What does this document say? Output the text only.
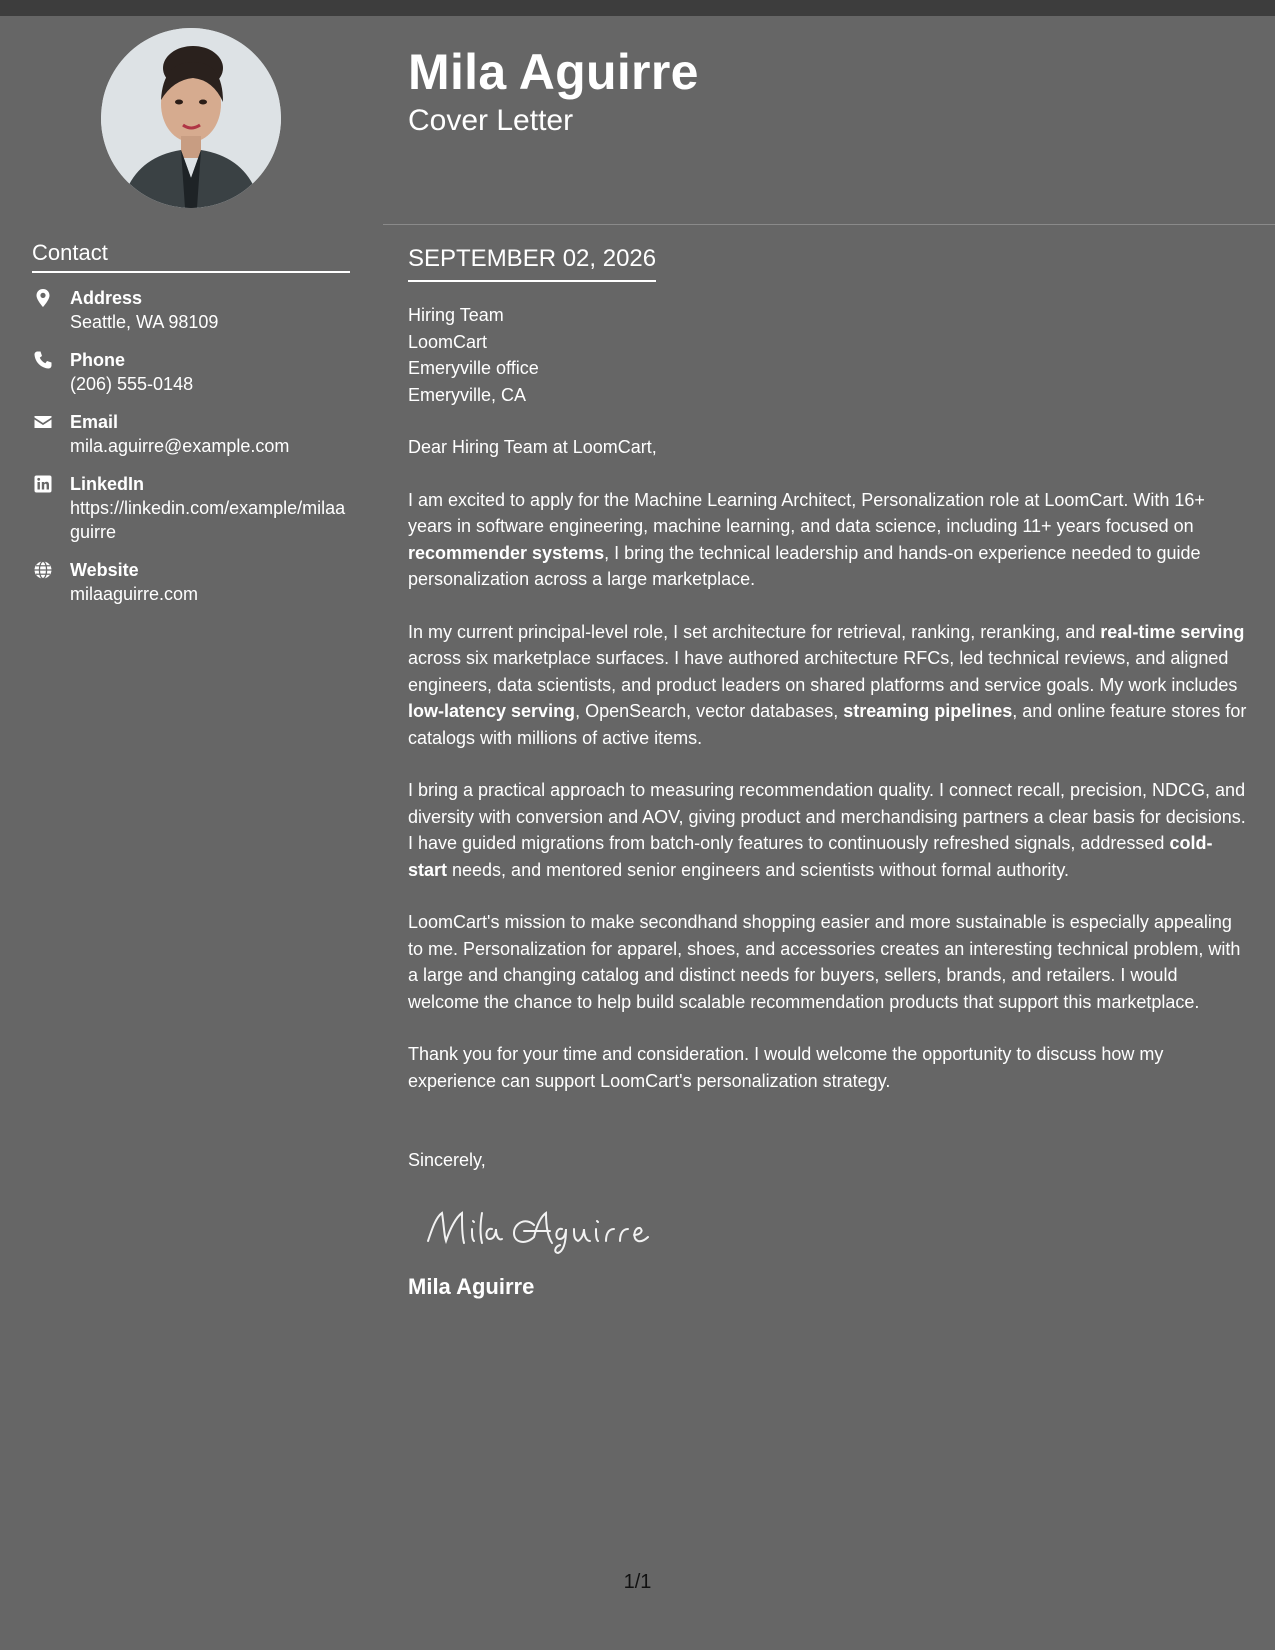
Contact
Address
Seattle, WA 98109
Phone
(206) 555-0148
Email
mila.aguirre@example.com
LinkedIn
https://linkedin.com/example/milaaguirre
Website
milaaguirre.com
Mila Aguirre
Cover Letter
SEPTEMBER 02, 2026
Hiring Team
LoomCart
Emeryville office
Emeryville, CA

Dear Hiring Team at LoomCart,

I am excited to apply for the Machine Learning Architect, Personalization role at LoomCart. With 16+ years in software engineering, machine learning, and data science, including 11+ years focused on recommender systems, I bring the technical leadership and hands-on experience needed to guide personalization across a large marketplace.

In my current principal-level role, I set architecture for retrieval, ranking, reranking, and real-time serving across six marketplace surfaces. I have authored architecture RFCs, led technical reviews, and aligned engineers, data scientists, and product leaders on shared platforms and service goals. My work includes low-latency serving, OpenSearch, vector databases, streaming pipelines, and online feature stores for catalogs with millions of active items.

I bring a practical approach to measuring recommendation quality. I connect recall, precision, NDCG, and diversity with conversion and AOV, giving product and merchandising partners a clear basis for decisions. I have guided migrations from batch-only features to continuously refreshed signals, addressed cold-start needs, and mentored senior engineers and scientists without formal authority.

LoomCart's mission to make secondhand shopping easier and more sustainable is especially appealing to me. Personalization for apparel, shoes, and accessories creates an interesting technical problem, with a large and changing catalog and distinct needs for buyers, sellers, brands, and retailers. I would welcome the chance to help build scalable recommendation products that support this marketplace.

Thank you for your time and consideration. I would welcome the opportunity to discuss how my experience can support LoomCart's personalization strategy.

Sincerely,
Mila Aguirre
1/1
